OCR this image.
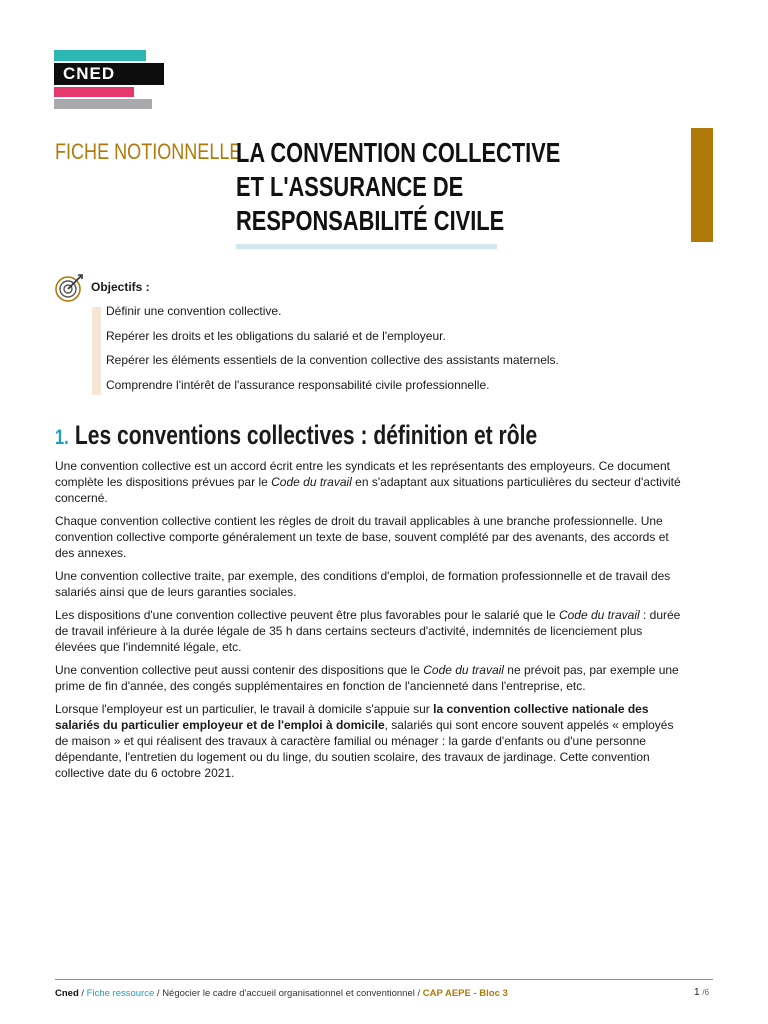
CNED
FICHE NOTIONNELLE
LA CONVENTION COLLECTIVE
ET L'ASSURANCE DE
RESPONSABILITÉ CIVILE
Objectifs :
Définir une convention collective.
Repérer les droits et les obligations du salarié et de l'employeur.
Repérer les éléments essentiels de la convention collective des assistants maternels.
Comprendre l'intérêt de l'assurance responsabilité civile professionnelle.
1. Les conventions collectives : définition et rôle

Une convention collective est un accord écrit entre les syndicats et les représentants des employeurs. Ce document complète les dispositions prévues par le Code du travail en s'adaptant aux situations particulières du secteur d'activité concerné.

Chaque convention collective contient les règles de droit du travail applicables à une branche professionnelle. Une convention collective comporte généralement un texte de base, souvent complété par des avenants, des accords et des annexes.

Une convention collective traite, par exemple, des conditions d'emploi, de formation professionnelle et de travail des salariés ainsi que de leurs garanties sociales.

Les dispositions d'une convention collective peuvent être plus favorables pour le salarié que le Code du travail : durée de travail inférieure à la durée légale de 35 h dans certains secteurs d'activité, indemnités de licenciement plus élevées que l'indemnité légale, etc.

Une convention collective peut aussi contenir des dispositions que le Code du travail ne prévoit pas, par exemple une prime de fin d'année, des congés supplémentaires en fonction de l'ancienneté dans l'entreprise, etc.

Lorsque l'employeur est un particulier, le travail à domicile s'appuie sur la convention collective nationale des salariés du particulier employeur et de l'emploi à domicile, salariés qui sont encore souvent appelés « employés de maison » et qui réalisent des travaux à caractère familial ou ménager : la garde d'enfants ou d'une personne dépendante, l'entretien du logement ou du linge, du soutien scolaire, des travaux de jardinage. Cette convention collective date du 6 octobre 2021.

Cned / Fiche ressource / Négocier le cadre d'accueil organisationnel et conventionnel / CAP AEPE - Bloc 3	1 /6
